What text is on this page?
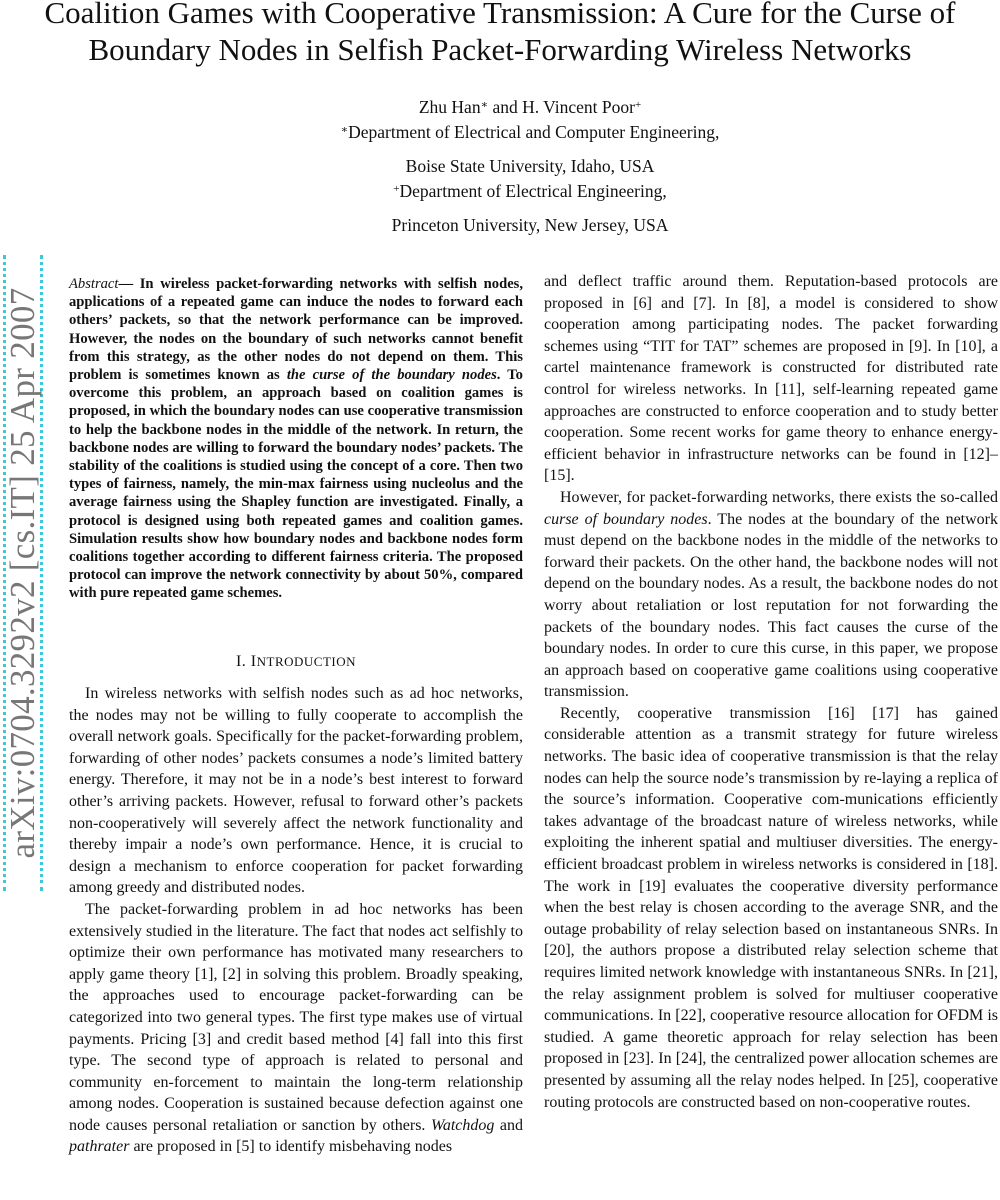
Coalition Games with Cooperative Transmission: A Cure for the Curse of
Boundary Nodes in Selfish Packet-Forwarding Wireless Networks
Zhu Han∗ and H. Vincent Poor+
∗Department of Electrical and Computer Engineering,
Boise State University, Idaho, USA
+Department of Electrical Engineering,
Princeton University, New Jersey, USA
arXiv:0704.3292v2 [cs.IT] 25 Apr 2007
Abstract— In wireless packet-forwarding networks with selfish nodes, applications of a repeated game can induce the nodes to forward each others’ packets, so that the network performance can be improved. However, the nodes on the boundary of such networks cannot benefit from this strategy, as the other nodes do not depend on them. This problem is sometimes known as the curse of the boundary nodes. To overcome this problem, an approach based on coalition games is proposed, in which the boundary nodes can use cooperative transmission to help the backbone nodes in the middle of the network. In return, the backbone nodes are willing to forward the boundary nodes’ packets. The stability of the coalitions is studied using the concept of a core. Then two types of fairness, namely, the min-max fairness using nucleolus and the average fairness using the Shapley function are investigated. Finally, a protocol is designed using both repeated games and coalition games. Simulation results show how boundary nodes and backbone nodes form coalitions together according to different fairness criteria. The proposed protocol can improve the network connectivity by about 50%, compared with pure repeated game schemes.
I. INTRODUCTION

In wireless networks with selfish nodes such as ad hoc networks, the nodes may not be willing to fully cooperate to accomplish the overall network goals. Specifically for the packet-forwarding problem, forwarding of other nodes’ packets consumes a node’s limited battery energy. Therefore, it may not be in a node’s best interest to forward other’s arriving packets. However, refusal to forward other’s packets non-cooperatively will severely affect the network functionality and thereby impair a node’s own performance. Hence, it is crucial to design a mechanism to enforce cooperation for packet forwarding among greedy and distributed nodes.

The packet-forwarding problem in ad hoc networks has been extensively studied in the literature. The fact that nodes act selfishly to optimize their own performance has motivated many researchers to apply game theory [1], [2] in solving this problem. Broadly speaking, the approaches used to encourage packet-forwarding can be categorized into two general types. The first type makes use of virtual payments. Pricing [3] and credit based method [4] fall into this first type. The second type of approach is related to personal and community en-forcement to maintain the long-term relationship among nodes. Cooperation is sustained because defection against one node causes personal retaliation or sanction by others. Watchdog and pathrater are proposed in [5] to identify misbehaving nodes

and deflect traffic around them. Reputation-based protocols are proposed in [6] and [7]. In [8], a model is considered to show cooperation among participating nodes. The packet forwarding schemes using “TIT for TAT” schemes are proposed in [9]. In [10], a cartel maintenance framework is constructed for distributed rate control for wireless networks. In [11], self-learning repeated game approaches are constructed to enforce cooperation and to study better cooperation. Some recent works for game theory to enhance energy-efficient behavior in infrastructure networks can be found in [12]–[15].

However, for packet-forwarding networks, there exists the so-called curse of boundary nodes. The nodes at the boundary of the network must depend on the backbone nodes in the middle of the networks to forward their packets. On the other hand, the backbone nodes will not depend on the boundary nodes. As a result, the backbone nodes do not worry about retaliation or lost reputation for not forwarding the packets of the boundary nodes. This fact causes the curse of the boundary nodes. In order to cure this curse, in this paper, we propose an approach based on cooperative game coalitions using cooperative transmission.

Recently, cooperative transmission [16] [17] has gained considerable attention as a transmit strategy for future wireless networks. The basic idea of cooperative transmission is that the relay nodes can help the source node’s transmission by re-laying a replica of the source’s information. Cooperative com-munications efficiently takes advantage of the broadcast nature of wireless networks, while exploiting the inherent spatial and multiuser diversities. The energy-efficient broadcast problem in wireless networks is considered in [18]. The work in [19] evaluates the cooperative diversity performance when the best relay is chosen according to the average SNR, and the outage probability of relay selection based on instantaneous SNRs. In [20], the authors propose a distributed relay selection scheme that requires limited network knowledge with instantaneous SNRs. In [21], the relay assignment problem is solved for multiuser cooperative communications. In [22], cooperative resource allocation for OFDM is studied. A game theoretic approach for relay selection has been proposed in [23]. In [24], the centralized power allocation schemes are presented by assuming all the relay nodes helped. In [25], cooperative routing protocols are constructed based on non-cooperative routes.
